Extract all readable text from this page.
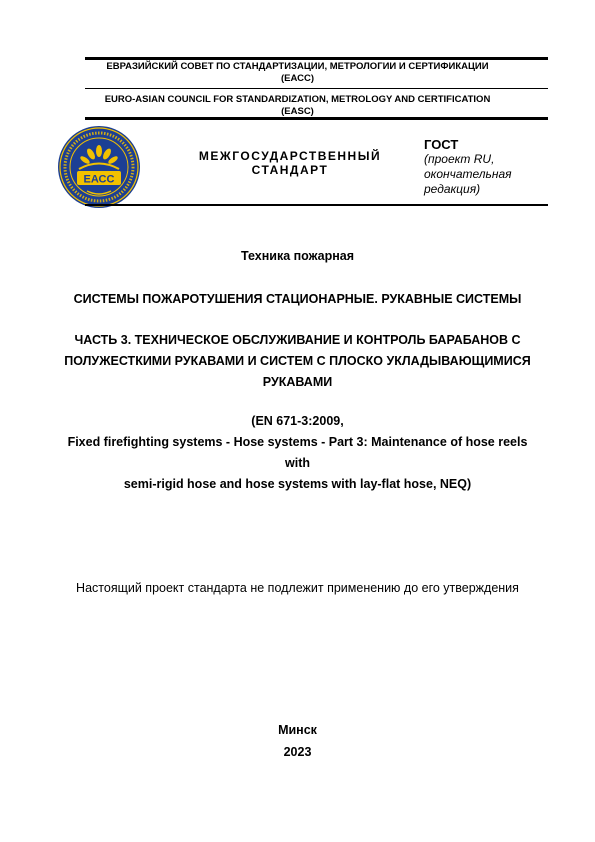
ЕВРАЗИЙСКИЙ СОВЕТ ПО СТАНДАРТИЗАЦИИ, МЕТРОЛОГИИ И СЕРТИФИКАЦИИ
(ЕАСС)
EURO-ASIAN COUNCIL FOR STANDARDIZATION, METROLOGY AND CERTIFICATION
(EASC)
ЕАСС
МЕЖГОСУДАРСТВЕННЫЙ
СТАНДАРТ
ГОСТ
(проект RU,
окончательная
редакция)
Техника пожарная
СИСТЕМЫ ПОЖАРОТУШЕНИЯ СТАЦИОНАРНЫЕ. РУКАВНЫЕ СИСТЕМЫ
ЧАСТЬ 3. ТЕХНИЧЕСКОЕ ОБСЛУЖИВАНИЕ И КОНТРОЛЬ БАРАБАНОВ С
ПОЛУЖЕСТКИМИ РУКАВАМИ И СИСТЕМ С ПЛОСКО УКЛАДЫВАЮЩИМИСЯ
РУКАВАМИ
(EN 671-3:2009,
Fixed firefighting systems - Hose systems - Part 3: Maintenance of hose reels with
semi-rigid hose and hose systems with lay-flat hose, NEQ)
Настоящий проект стандарта не подлежит применению до его утверждения
Минск
2023
